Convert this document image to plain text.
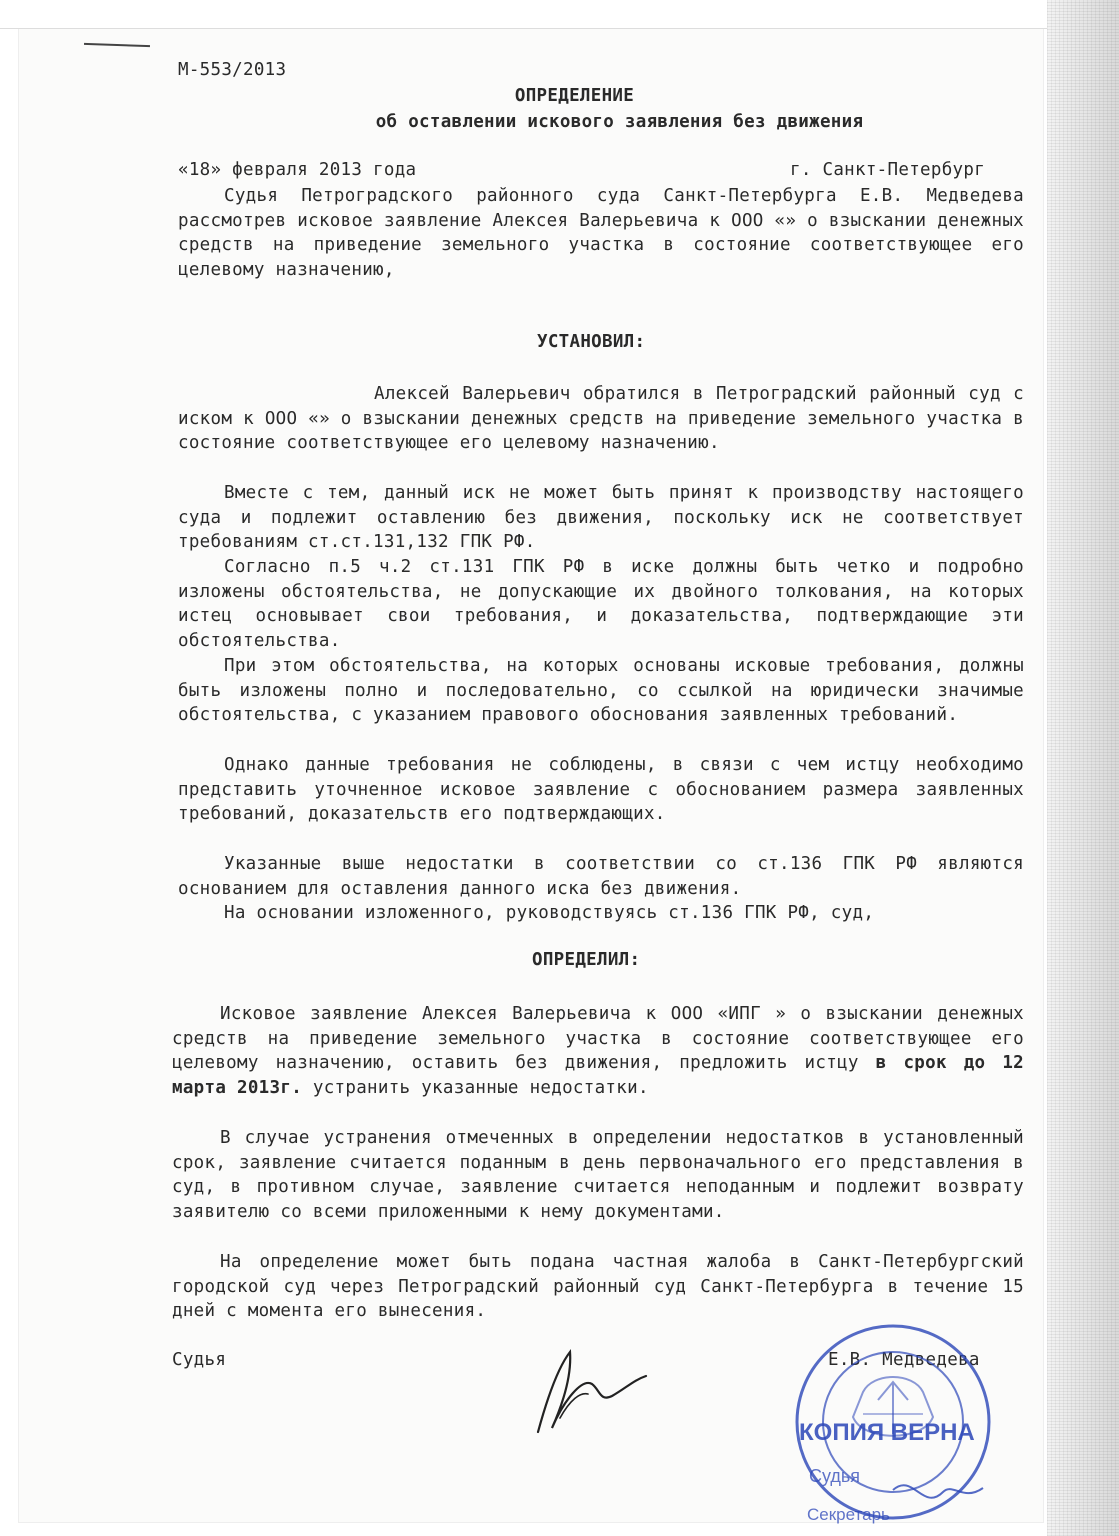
М-553/2013
ОПРЕДЕЛЕНИЕ
об оставлении искового заявления без движения
«18» февраля 2013 года	г. Санкт-Петербург
Судья Петроградского районного суда Санкт-Петербурга Е.В. Медведева рассмотрев исковое заявление Алексея Валерьевича к ООО «» о взыскании денежных средств на приведение земельного участка в состояние соответствующее его целевому назначению,
УСТАНОВИЛ:
Алексей Валерьевич обратился в Петроградский районный суд с иском к ООО «» о взыскании денежных средств на приведение земельного участка в состояние соответствующее его целевому назначению.
Вместе с тем, данный иск не может быть принят к производству настоящего суда и подлежит оставлению без движения, поскольку иск не соответствует требованиям ст.ст.131,132 ГПК РФ.
Согласно п.5 ч.2 ст.131 ГПК РФ в иске должны быть четко и подробно изложены обстоятельства, не допускающие их двойного толкования, на которых истец основывает свои требования, и доказательства, подтверждающие эти обстоятельства.
При этом обстоятельства, на которых основаны исковые требования, должны быть изложены полно и последовательно, со ссылкой на юридически значимые обстоятельства, с указанием правового обоснования заявленных требований.
Однако данные требования не соблюдены, в связи с чем истцу необходимо представить уточненное исковое заявление с обоснованием размера заявленных требований, доказательств его подтверждающих.
Указанные выше недостатки в соответствии со ст.136 ГПК РФ являются основанием для оставления данного иска без движения.
На основании изложенного, руководствуясь ст.136 ГПК РФ, суд,
ОПРЕДЕЛИЛ:
Исковое заявление Алексея Валерьевича к ООО «ИПГ » о взыскании денежных средств на приведение земельного участка в состояние соответствующее его целевому назначению, оставить без движения, предложить истцу в срок до 12 марта 2013г. устранить указанные недостатки.
В случае устранения отмеченных в определении недостатков в установленный срок, заявление считается поданным в день первоначального его представления в суд, в противном случае, заявление считается неподанным и подлежит возврату заявителю со всеми приложенными к нему документами.
На определение может быть подана частная жалоба в Санкт-Петербургский городской суд через Петроградский районный суд Санкт-Петербурга в течение 15 дней с момента его вынесения.
Судья	Е.В. Медведева
КОПИЯ ВЕРНА
Судья
Секретарь
